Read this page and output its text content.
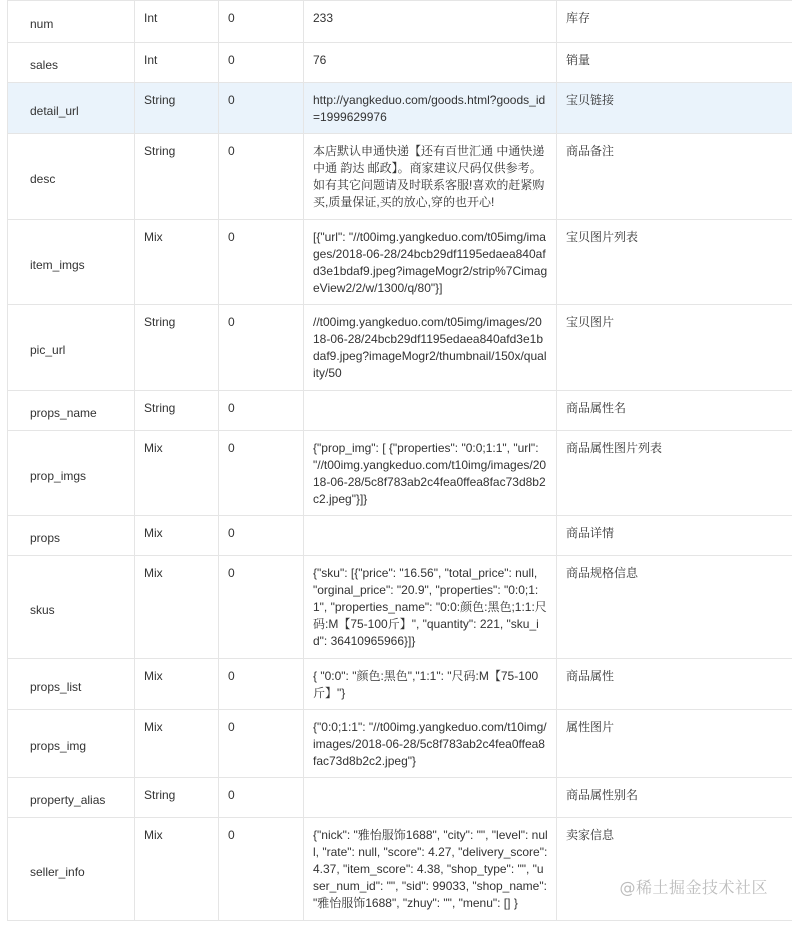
num	Int	0	233	库存
sales	Int	0	76	销量
detail_url	String	0	http://yangkeduo.com/goods.html?goods_id=1999629976	宝贝链接
desc	String	0	本店默认申通快递【还有百世汇通 中通快递 中通 韵达 邮政】。商家建议尺码仅供参考。如有其它问题请及时联系客服!喜欢的赶紧购买,质量保证,买的放心,穿的也开心!	商品备注
item_imgs	Mix	0	[{"url": "//t00img.yangkeduo.com/t05img/images/2018-06-28/24bcb29df1195edaea840afd3e1bdaf9.jpeg?imageMogr2/strip%7CimageView2/2/w/1300/q/80"}]	宝贝图片列表
pic_url	String	0	//t00img.yangkeduo.com/t05img/images/2018-06-28/24bcb29df1195edaea840afd3e1bdaf9.jpeg?imageMogr2/thumbnail/150x/quality/50	宝贝图片
props_name	String	0		商品属性名
prop_imgs	Mix	0	{"prop_img": [ {"properties": "0:0;1:1", "url": "//t00img.yangkeduo.com/t10img/images/2018-06-28/5c8f783ab2c4fea0ffea8fac73d8b2c2.jpeg"}]}	商品属性图片列表
props	Mix	0		商品详情
skus	Mix	0	{"sku": [{"price": "16.56", "total_price": null, "orginal_price": "20.9", "properties": "0:0;1:1", "properties_name": "0:0:颜色:黑色;1:1:尺码:M【75-100斤】", "quantity": 221, "sku_id": 36410965966}]}	商品规格信息
props_list	Mix	0	{ "0:0": "颜色:黑色","1:1": "尺码:M【75-100斤】"}	商品属性
props_img	Mix	0	{"0:0;1:1": "//t00img.yangkeduo.com/t10img/images/2018-06-28/5c8f783ab2c4fea0ffea8fac73d8b2c2.jpeg"}	属性图片
property_alias	String	0		商品属性别名
seller_info	Mix	0	{"nick": "雅怡服饰1688", "city": "", "level": null, "rate": null, "score": 4.27, "delivery_score": 4.37, "item_score": 4.38, "shop_type": "", "user_num_id": "", "sid": 99033, "shop_name": "雅怡服饰1688", "zhuy": "", "menu": [] }	卖家信息
@稀土掘金技术社区
